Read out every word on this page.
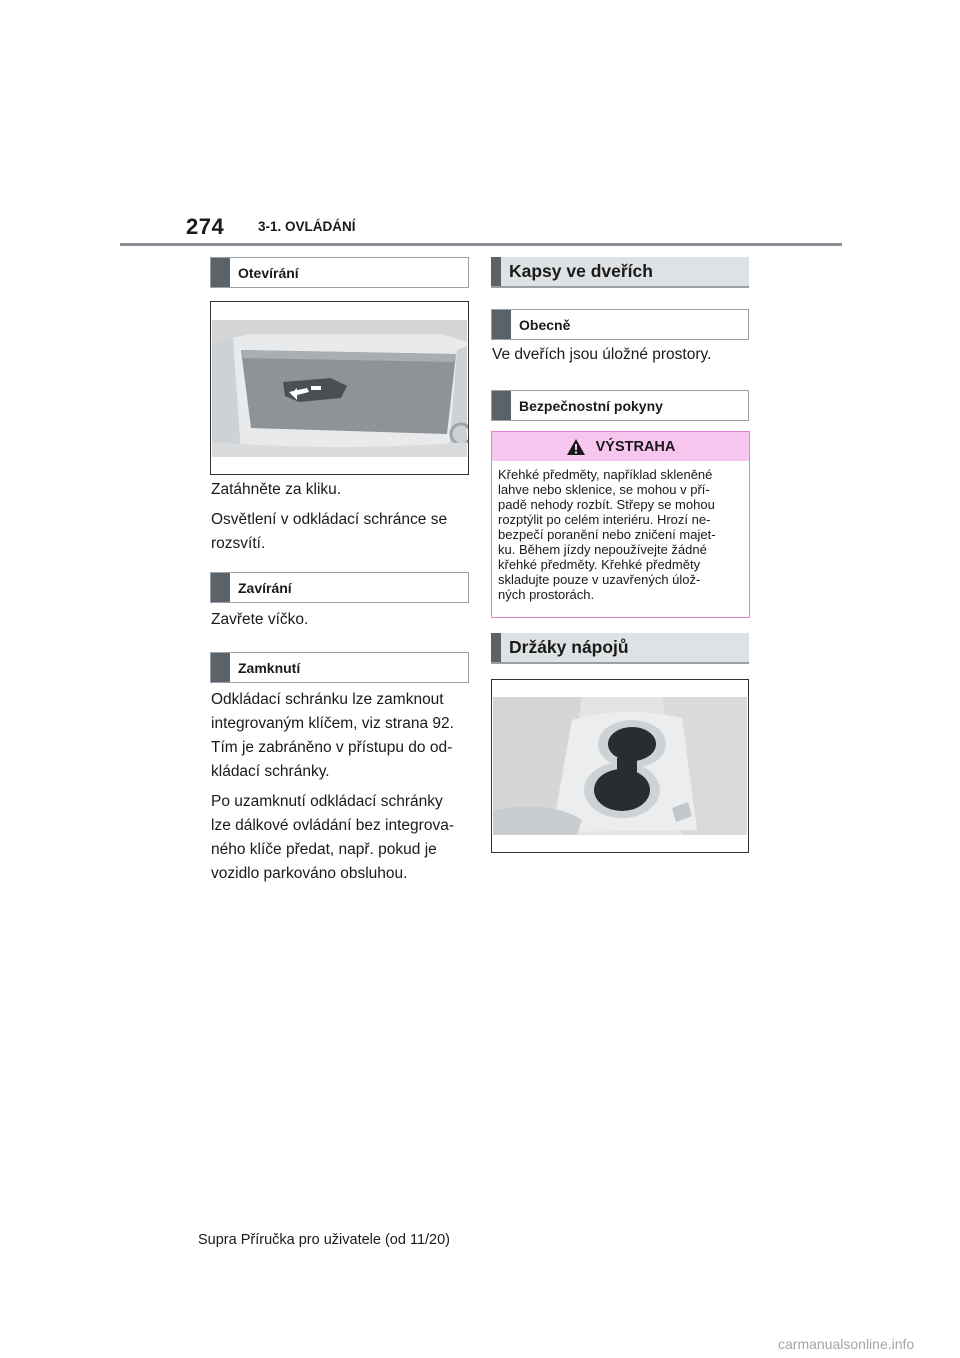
274	3-1. OVLÁDÁNÍ
Otevírání

Zatáhněte za kliku.

Osvětlení v odkládací schránce se

rozsvítí.

Zavírání

Zavřete víčko.

Zamknutí

Odkládací schránku lze zamknout

integrovaným klíčem, viz strana 92.

Tím je zabráněno v přístupu do od-

kládací schránky.

Po uzamknutí odkládací schránky

lze dálkové ovládání bez integrova-

ného klíče předat, např. pokud je

vozidlo parkováno obsluhou.

Kapsy ve dveřích
Obecně

Ve dveřích jsou úložné prostory.

Bezpečnostní pokyny
VÝSTRAHA
Křehké předměty, například skleněné
lahve nebo sklenice, se mohou v pří-
padě nehody rozbít. Střepy se mohou
rozptýlit po celém interiéru. Hrozí ne-
bezpečí poranění nebo zničení majet-
ku. Během jízdy nepoužívejte žádné
křehké předměty. Křehké předměty
skladujte pouze v uzavřených úlož-
ných prostorách.
Držáky nápojů
Supra Příručka pro uživatele (od 11/20)
carmanualsonline.info
